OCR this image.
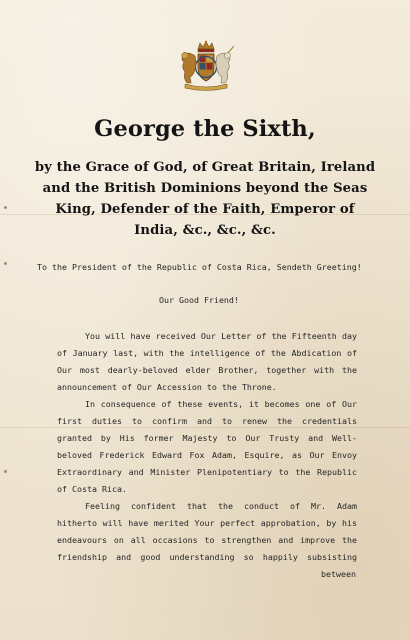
George the Sixth,
by the Grace of God, of Great Britain, Ireland
and the British Dominions beyond the Seas
King, Defender of the Faith, Emperor of
India, &c., &c., &c.
To the President of the Republic of Costa Rica, Sendeth Greeting!
Our Good Friend!
You will have received Our Letter of the Fifteenth day
of January last, with the intelligence of the Abdication of
Our most dearly-beloved elder Brother, together with the
announcement of Our Accession to the Throne.
In consequence of these events, it becomes one of Our
first duties to confirm and to renew the credentials
granted by His former Majesty to Our Trusty and Well-
beloved Frederick Edward Fox Adam, Esquire, as Our Envoy
Extraordinary and Minister Plenipotentiary to the Republic
of Costa Rica.
Feeling confident that the conduct of Mr. Adam
hitherto will have merited Your perfect approbation, by his
endeavours on all occasions to strengthen and improve the
friendship and good understanding so happily subsisting
between
